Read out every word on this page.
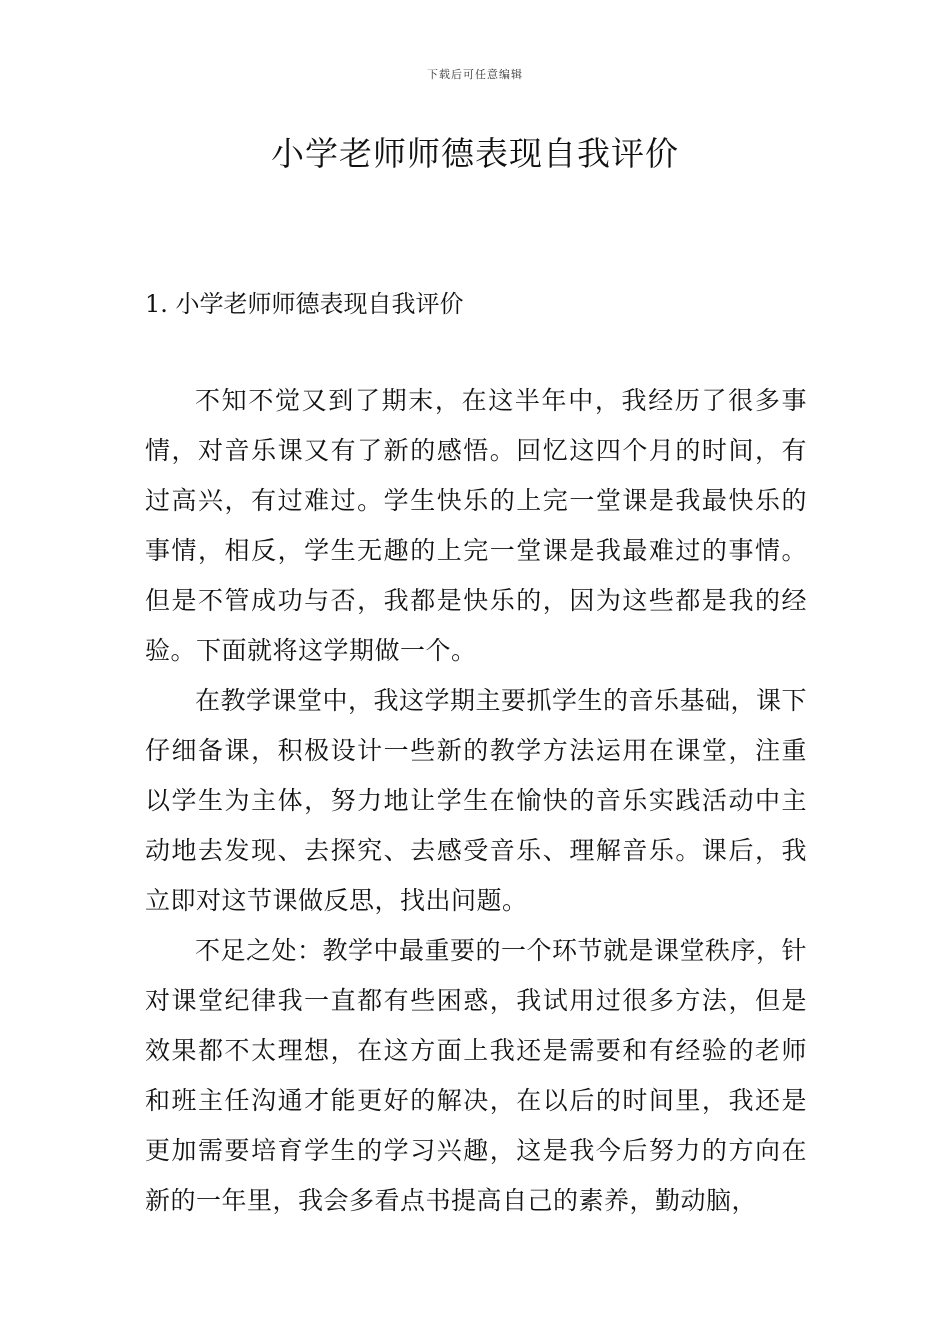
下载后可任意编辑
小学老师师德表现自我评价
1. 小学老师师德表现自我评价

不知不觉又到了期末，在这半年中，我经历了很多事情，对音乐课又有了新的感悟。回忆这四个月的时间，有过高兴，有过难过。学生快乐的上完一堂课是我最快乐的事情，相反，学生无趣的上完一堂课是我最难过的事情。但是不管成功与否，我都是快乐的，因为这些都是我的经验。下面就将这学期做一个。

在教学课堂中，我这学期主要抓学生的音乐基础，课下仔细备课，积极设计一些新的教学方法运用在课堂，注重以学生为主体，努力地让学生在愉快的音乐实践活动中主动地去发现、去探究、去感受音乐、理解音乐。课后，我立即对这节课做反思，找出问题。

不足之处：教学中最重要的一个环节就是课堂秩序，针对课堂纪律我一直都有些困惑，我试用过很多方法，但是效果都不太理想，在这方面上我还是需要和有经验的老师和班主任沟通才能更好的解决，在以后的时间里，我还是更加需要培育学生的学习兴趣，这是我今后努力的方向在新的一年里，我会多看点书提高自己的素养，勤动脑，
